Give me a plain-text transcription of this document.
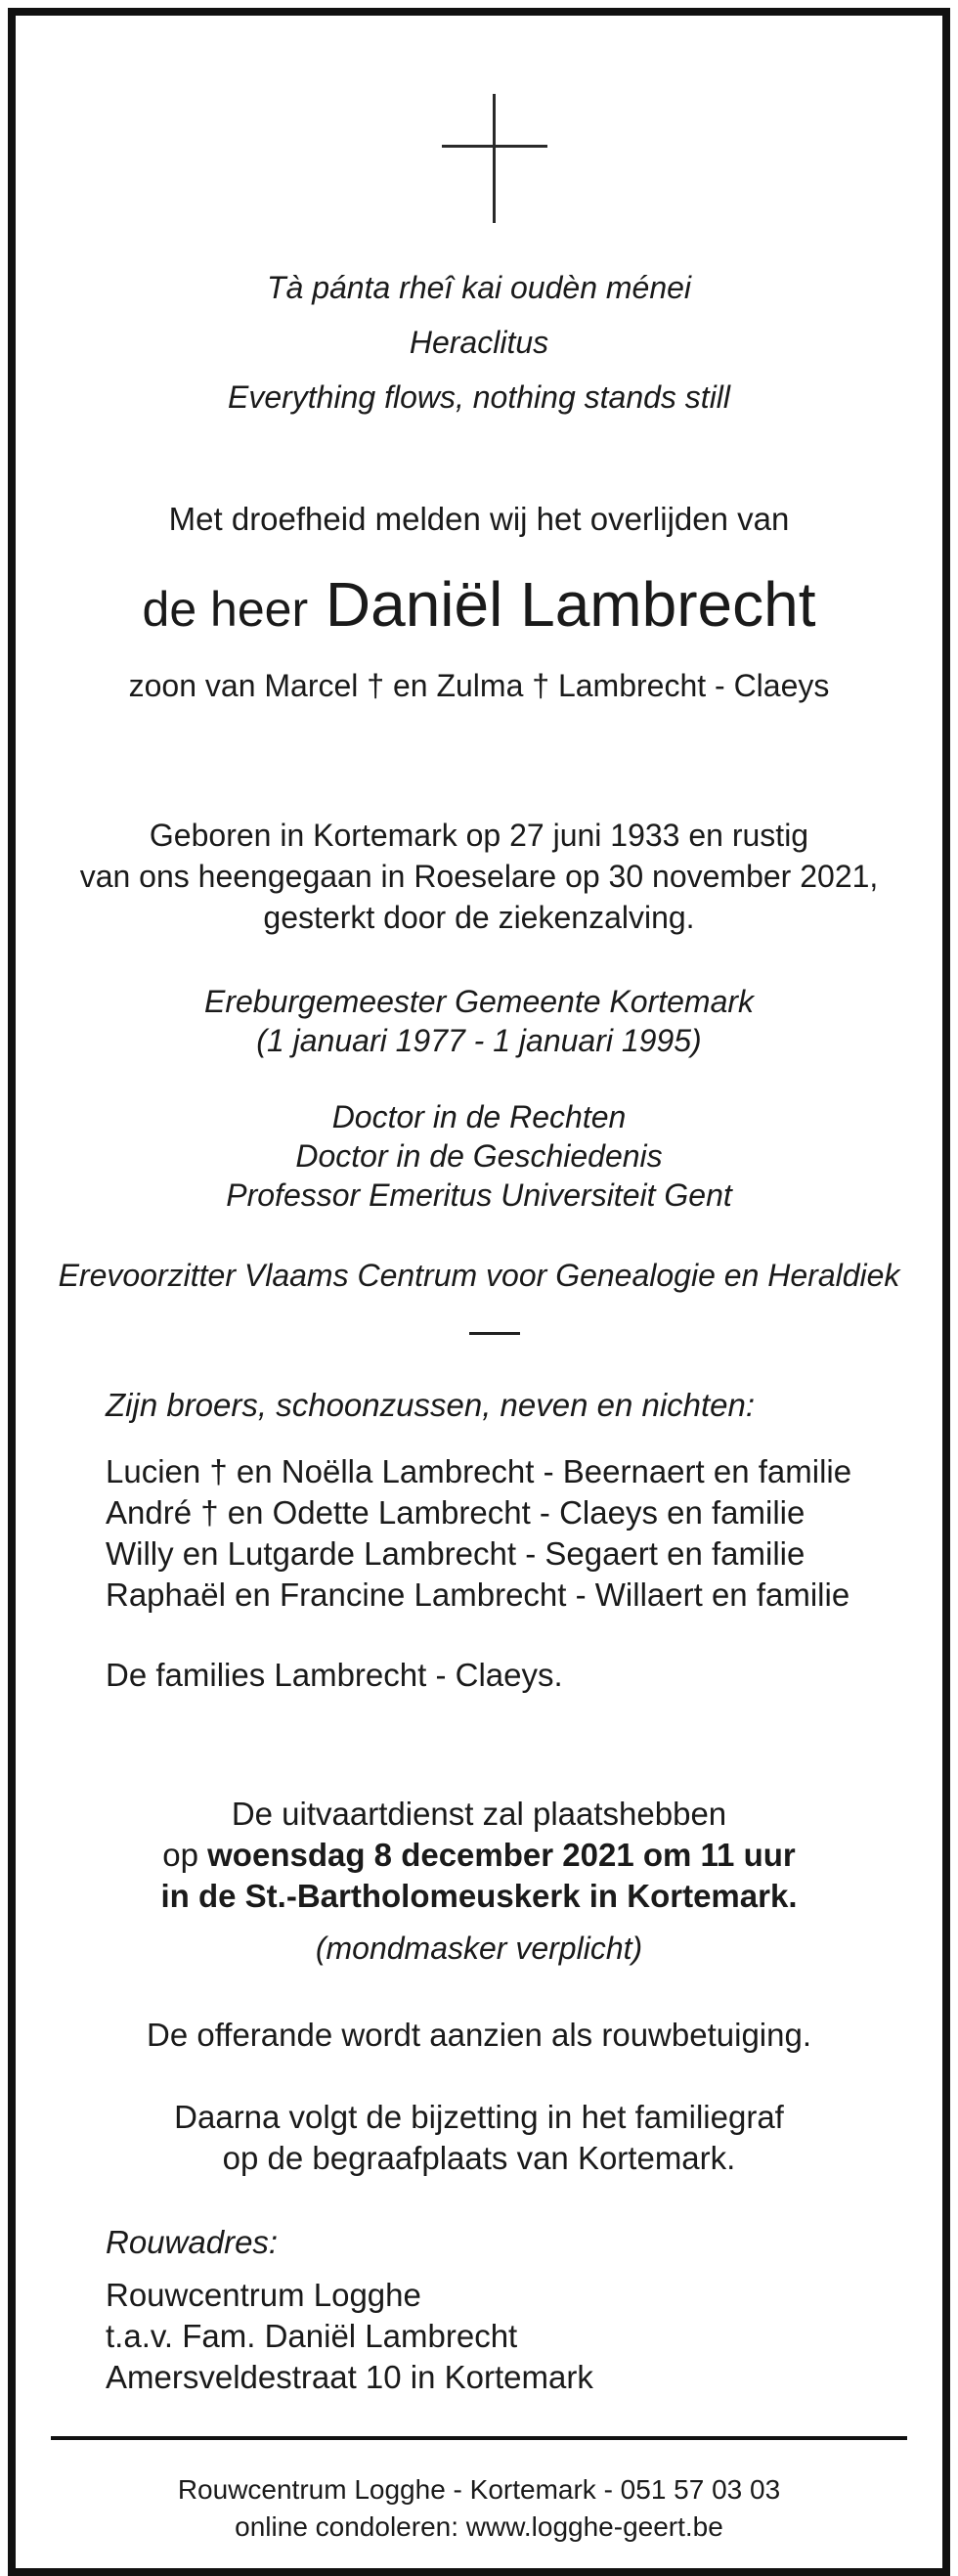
Tà pánta rheî kai oudèn ménei
Heraclitus
Everything flows, nothing stands still
Met droefheid melden wij het overlijden van
de heer Daniël Lambrecht
zoon van Marcel † en Zulma † Lambrecht - Claeys
Geboren in Kortemark op 27 juni 1933 en rustig
van ons heengegaan in Roeselare op 30 november 2021,
gesterkt door de ziekenzalving.
Ereburgemeester Gemeente Kortemark
(1 januari 1977 - 1 januari 1995)
Doctor in de Rechten
Doctor in de Geschiedenis
Professor Emeritus Universiteit Gent
Erevoorzitter Vlaams Centrum voor Genealogie en Heraldiek
Zijn broers, schoonzussen, neven en nichten:
Lucien † en Noëlla Lambrecht - Beernaert en familie
André † en Odette Lambrecht - Claeys en familie
Willy en Lutgarde Lambrecht - Segaert en familie
Raphaël en Francine Lambrecht - Willaert en familie
De families Lambrecht - Claeys.
De uitvaartdienst zal plaatshebben
op woensdag 8 december 2021 om 11 uur
in de St.-Bartholomeuskerk in Kortemark.
(mondmasker verplicht)
De offerande wordt aanzien als rouwbetuiging.
Daarna volgt de bijzetting in het familiegraf
op de begraafplaats van Kortemark.
Rouwadres:
Rouwcentrum Logghe
t.a.v. Fam. Daniël Lambrecht
Amersveldestraat 10 in Kortemark
Rouwcentrum Logghe - Kortemark - 051 57 03 03
online condoleren: www.logghe-geert.be
